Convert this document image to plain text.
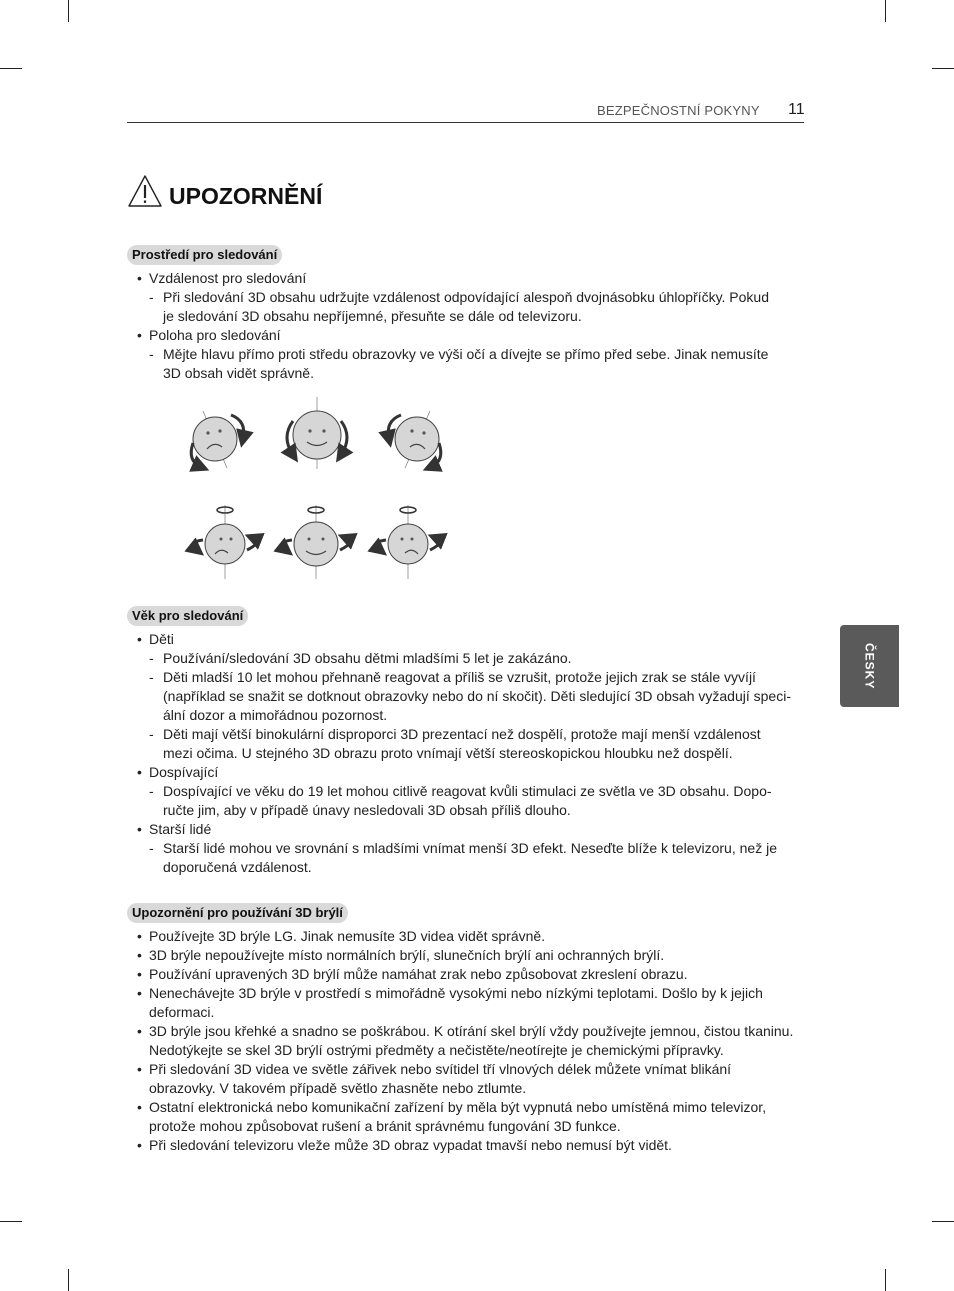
BEZPEČNOSTNÍ POKYNY 11
UPOZORNĚNÍ
ČESKY
Prostředí pro sledování
• Vzdálenost pro sledování
- Při sledování 3D obsahu udržujte vzdálenost odpovídající alespoň dvojnásobku úhlopříčky. Pokud
je sledování 3D obsahu nepříjemné, přesuňte se dále od televizoru.
• Poloha pro sledování
- Mějte hlavu přímo proti středu obrazovky ve výši očí a dívejte se přímo před sebe. Jinak nemusíte
3D obsah vidět správně.
Věk pro sledování
• Děti
- Používání/sledování 3D obsahu dětmi mladšími 5 let je zakázáno.
- Děti mladší 10 let mohou přehnaně reagovat a příliš se vzrušit, protože jejich zrak se stále vyvíjí
(například se snažit se dotknout obrazovky nebo do ní skočit). Děti sledující 3D obsah vyžadují speci-
ální dozor a mimořádnou pozornost.
- Děti mají větší binokulární disproporci 3D prezentací než dospělí, protože mají menší vzdálenost
mezi očima. U stejného 3D obrazu proto vnímají větší stereoskopickou hloubku než dospělí.
• Dospívající
- Dospívající ve věku do 19 let mohou citlivě reagovat kvůli stimulaci ze světla ve 3D obsahu. Dopo-
ručte jim, aby v případě únavy nesledovali 3D obsah příliš dlouho.
• Starší lidé
- Starší lidé mohou ve srovnání s mladšími vnímat menší 3D efekt. Neseďte blíže k televizoru, než je
doporučená vzdálenost.
Upozornění pro používání 3D brýlí
• Používejte 3D brýle LG. Jinak nemusíte 3D videa vidět správně.
• 3D brýle nepoužívejte místo normálních brýlí, slunečních brýlí ani ochranných brýlí.
• Používání upravených 3D brýlí může namáhat zrak nebo způsobovat zkreslení obrazu.
• Nenechávejte 3D brýle v prostředí s mimořádně vysokými nebo nízkými teplotami. Došlo by k jejich
deformaci.
• 3D brýle jsou křehké a snadno se poškrábou. K otírání skel brýlí vždy používejte jemnou, čistou tkaninu.
Nedotýkejte se skel 3D brýlí ostrými předměty a nečistěte/neotírejte je chemickými přípravky.
• Při sledování 3D videa ve světle zářivek nebo svítidel tří vlnových délek můžete vnímat blikání
obrazovky. V takovém případě světlo zhasněte nebo ztlumte.
• Ostatní elektronická nebo komunikační zařízení by měla být vypnutá nebo umístěná mimo televizor,
protože mohou způsobovat rušení a bránit správnému fungování 3D funkce.
• Při sledování televizoru vleže může 3D obraz vypadat tmavší nebo nemusí být vidět.
